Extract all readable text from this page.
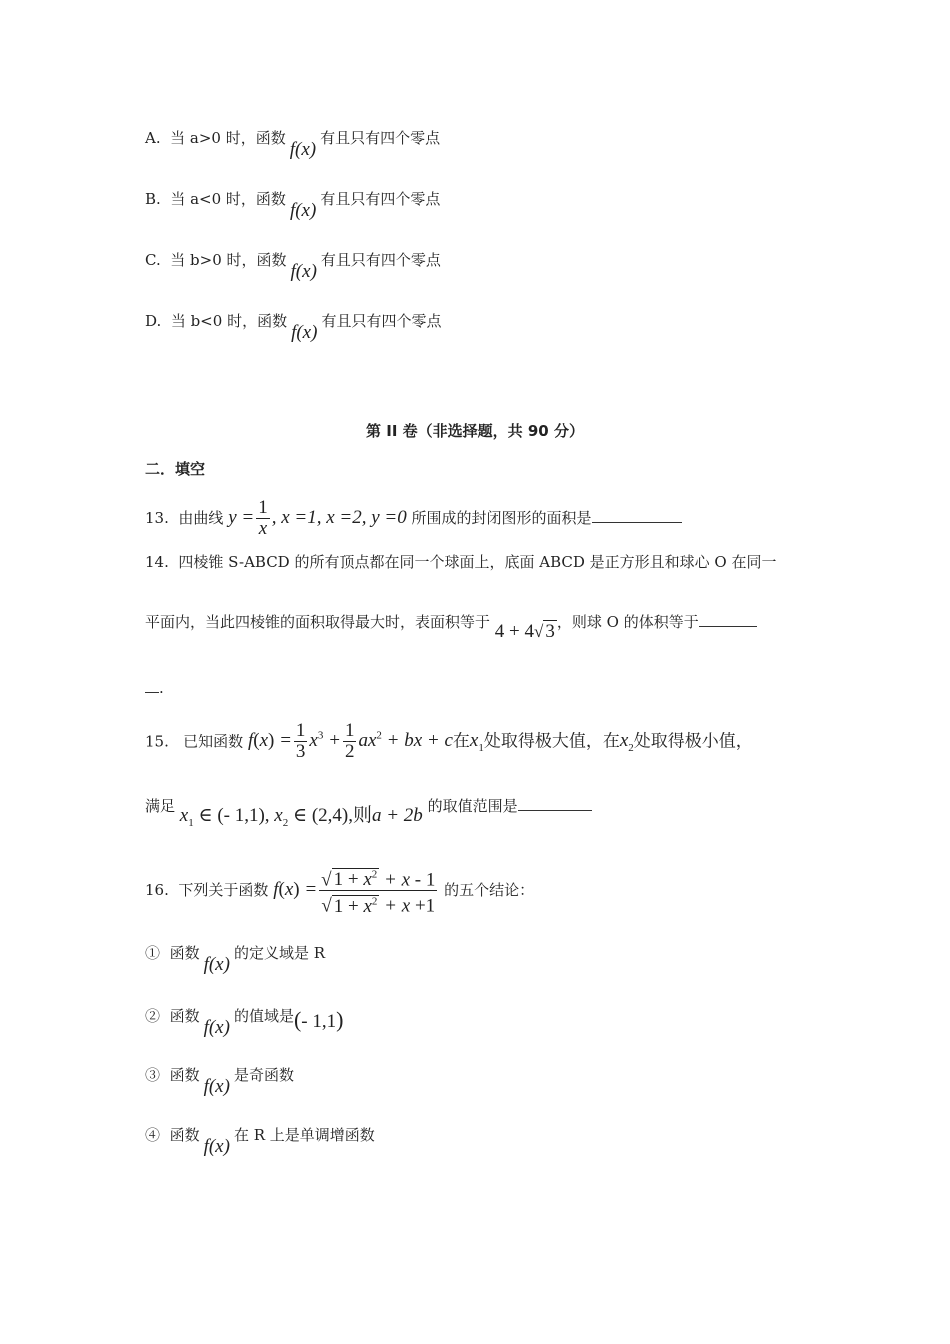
A. 当 a>0 时，函数f(x)有且只有四个零点
B. 当 a<0 时，函数f(x)有且只有四个零点
C. 当 b>0 时，函数f(x)有且只有四个零点
D. 当 b<0 时，函数f(x)有且只有四个零点
第 II 卷（非选择题，共 90 分）
二．填空
13. 由曲线 $y = \frac{1}{x}$ , x =1, x =2, y =0 所围成的封闭图形的面积是
14. 四棱锥 S-ABCD 的所有顶点都在同一个球面上，底面 ABCD 是正方形且和球心 O 在同一
平面内，当此四棱锥的面积取得最大时，表面积等于 4 + 4√ 3 ，则球 O 的体积等于
.
15. 已知函数 $f(x) = \frac{1}{3} x^3 + \frac{1}{2} ax^2$ + bx + c在$x_1$处取得极大值，在$x_2$处取得极小值，
满足 $x_1$ ∈ (- 1,1), $x_2$ ∈ (2,4),则a + 2b 的取值范围是
16. 下列关于函数 $f(x) = \frac{√ 1 + x^2 + x - 1}{√ 1 + x^2 + x +1}$ 的五个结论：
① 函数f(x)的定义域是 R
② 函数f(x)的值域是(- 1,1)
③ 函数f(x)是奇函数
④ 函数f(x)在 R 上是单调增函数
